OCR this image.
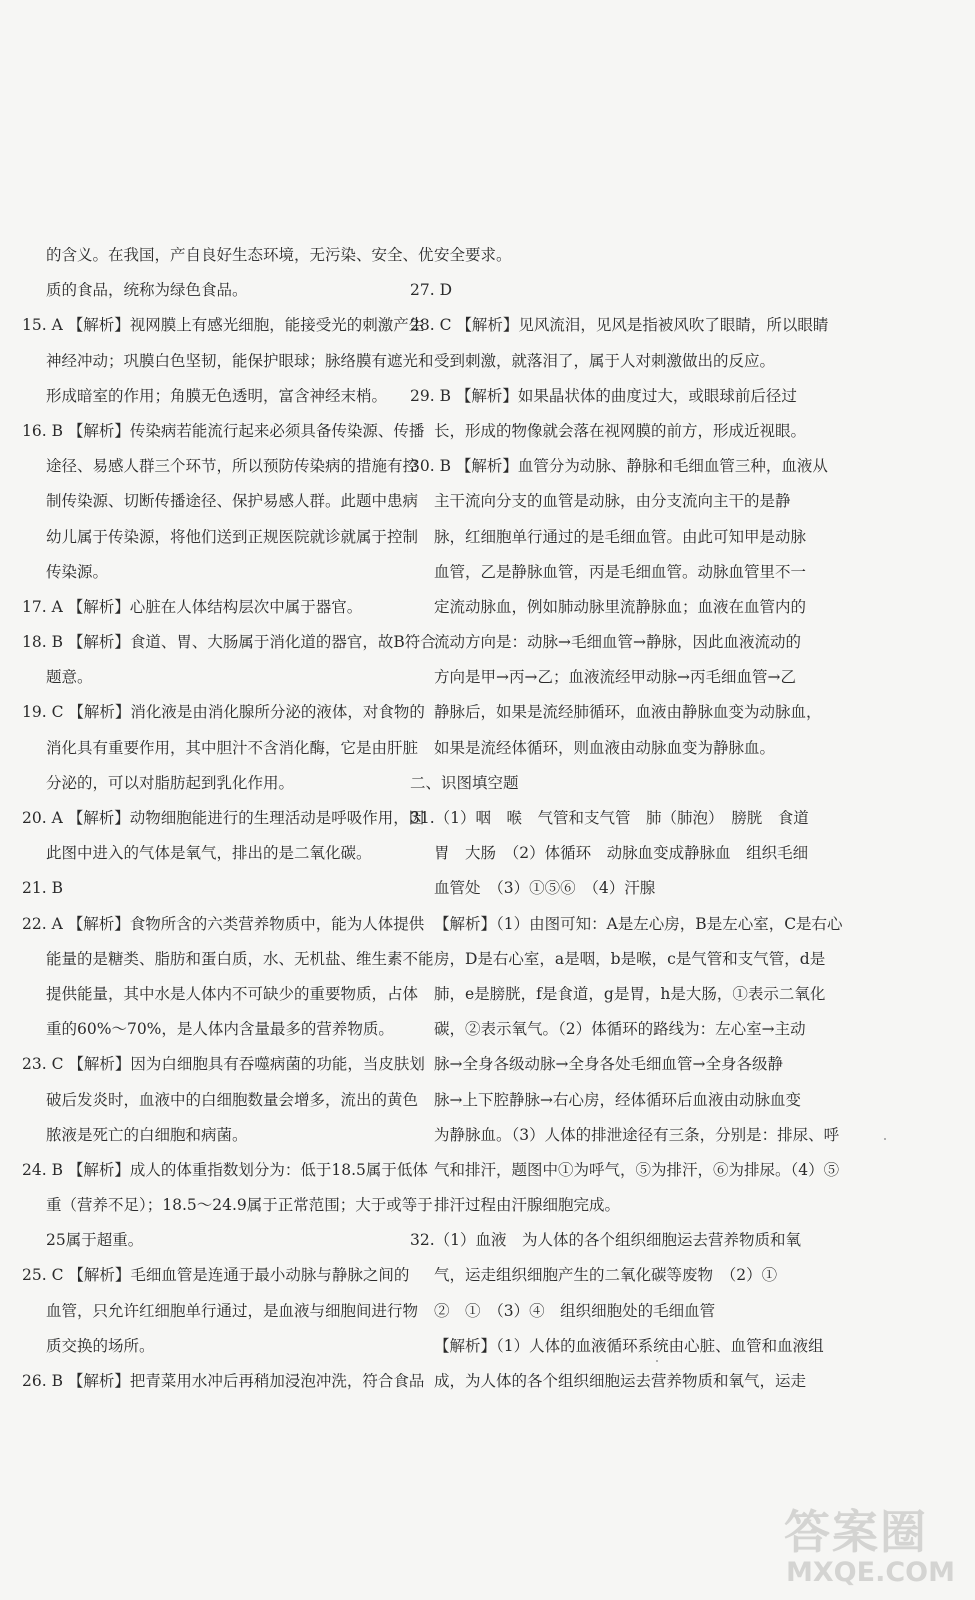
的含义。在我国，产自良好生态环境，无污染、安全、优
质的食品，统称为绿色食品。
15. A 【解析】视网膜上有感光细胞，能接受光的刺激产生
神经冲动；巩膜白色坚韧，能保护眼球；脉络膜有遮光和
形成暗室的作用；角膜无色透明，富含神经末梢。
16. B 【解析】传染病若能流行起来必须具备传染源、传播
途径、易感人群三个环节，所以预防传染病的措施有控
制传染源、切断传播途径、保护易感人群。此题中患病
幼儿属于传染源，将他们送到正规医院就诊就属于控制
传染源。
17. A 【解析】心脏在人体结构层次中属于器官。
18. B 【解析】食道、胃、大肠属于消化道的器官，故B符合
题意。
19. C 【解析】消化液是由消化腺所分泌的液体，对食物的
消化具有重要作用，其中胆汁不含消化酶，它是由肝脏
分泌的，可以对脂肪起到乳化作用。
20. A 【解析】动物细胞能进行的生理活动是呼吸作用，因
此图中进入的气体是氧气，排出的是二氧化碳。
21. B
22. A 【解析】食物所含的六类营养物质中，能为人体提供
能量的是糖类、脂肪和蛋白质，水、无机盐、维生素不能
提供能量，其中水是人体内不可缺少的重要物质，占体
重的60%～70%，是人体内含量最多的营养物质。
23. C 【解析】因为白细胞具有吞噬病菌的功能，当皮肤划
破后发炎时，血液中的白细胞数量会增多，流出的黄色
脓液是死亡的白细胞和病菌。
24. B 【解析】成人的体重指数划分为：低于18.5属于低体
重（营养不足）；18.5～24.9属于正常范围；大于或等于
25属于超重。
25. C 【解析】毛细血管是连通于最小动脉与静脉之间的
血管，只允许红细胞单行通过，是血液与细胞间进行物
质交换的场所。
26. B 【解析】把青菜用水冲后再稍加浸泡冲洗，符合食品
安全要求。
27. D
28. C 【解析】见风流泪，见风是指被风吹了眼睛，所以眼睛
受到刺激，就落泪了，属于人对刺激做出的反应。
29. B 【解析】如果晶状体的曲度过大，或眼球前后径过
长，形成的物像就会落在视网膜的前方，形成近视眼。
30. B 【解析】血管分为动脉、静脉和毛细血管三种，血液从
主干流向分支的血管是动脉，由分支流向主干的是静
脉，红细胞单行通过的是毛细血管。由此可知甲是动脉
血管，乙是静脉血管，丙是毛细血管。动脉血管里不一
定流动脉血，例如肺动脉里流静脉血；血液在血管内的
流动方向是：动脉→毛细血管→静脉，因此血液流动的
方向是甲→丙→乙；血液流经甲动脉→丙毛细血管→乙
静脉后，如果是流经肺循环，血液由静脉血变为动脉血，
如果是流经体循环，则血液由动脉血变为静脉血。
二、识图填空题
31.（1）咽　喉　气管和支气管　肺（肺泡）　膀胱　食道
胃　大肠　（2）体循环　动脉血变成静脉血　组织毛细
血管处　（3）①⑤⑥　（4）汗腺
【解析】（1）由图可知：A是左心房，B是左心室，C是右心
房，D是右心室，a是咽，b是喉，c是气管和支气管，d是
肺，e是膀胱，f是食道，g是胃，h是大肠，①表示二氧化
碳，②表示氧气。（2）体循环的路线为：左心室→主动
脉→全身各级动脉→全身各处毛细血管→全身各级静
脉→上下腔静脉→右心房，经体循环后血液由动脉血变
为静脉血。（3）人体的排泄途径有三条，分别是：排尿、呼
气和排汗，题图中①为呼气，⑤为排汗，⑥为排尿。（4）⑤
排汗过程由汗腺细胞完成。
32.（1）血液　为人体的各个组织细胞运去营养物质和氧
气，运走组织细胞产生的二氧化碳等废物　（2）①
②　①　（3）④　组织细胞处的毛细血管
【解析】（1）人体的血液循环系统由心脏、血管和血液组
成，为人体的各个组织细胞运去营养物质和氧气，运走
答案圈
MXQE.COM
